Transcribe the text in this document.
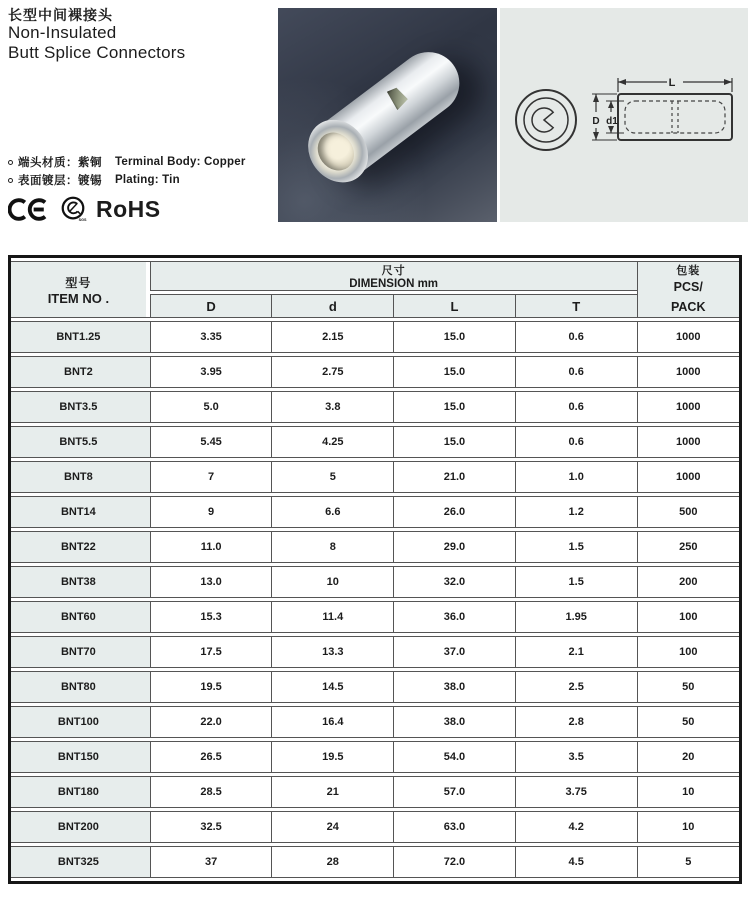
长型中间裸接头
Non-Insulated
Butt Splice Connectors
端头材质：紫铜	Terminal Body: Copper
表面镀层：镀锡	Plating: Tin
SGS RoHS
L
D d1
型号
ITEM NO .

尺寸
DIMENSION mm

包装
PCS/
PACK

	D	d	L	T	
BNT1.25	3.35	2.15	15.0	0.6	1000
BNT2	3.95	2.75	15.0	0.6	1000
BNT3.5	5.0	3.8	15.0	0.6	1000
BNT5.5	5.45	4.25	15.0	0.6	1000
BNT8	7	5	21.0	1.0	1000
BNT14	9	6.6	26.0	1.2	500
BNT22	11.0	8	29.0	1.5	250
BNT38	13.0	10	32.0	1.5	200
BNT60	15.3	11.4	36.0	1.95	100
BNT70	17.5	13.3	37.0	2.1	100
BNT80	19.5	14.5	38.0	2.5	50
BNT100	22.0	16.4	38.0	2.8	50
BNT150	26.5	19.5	54.0	3.5	20
BNT180	28.5	21	57.0	3.75	10
BNT200	32.5	24	63.0	4.2	10
BNT325	37	28	72.0	4.5	5
